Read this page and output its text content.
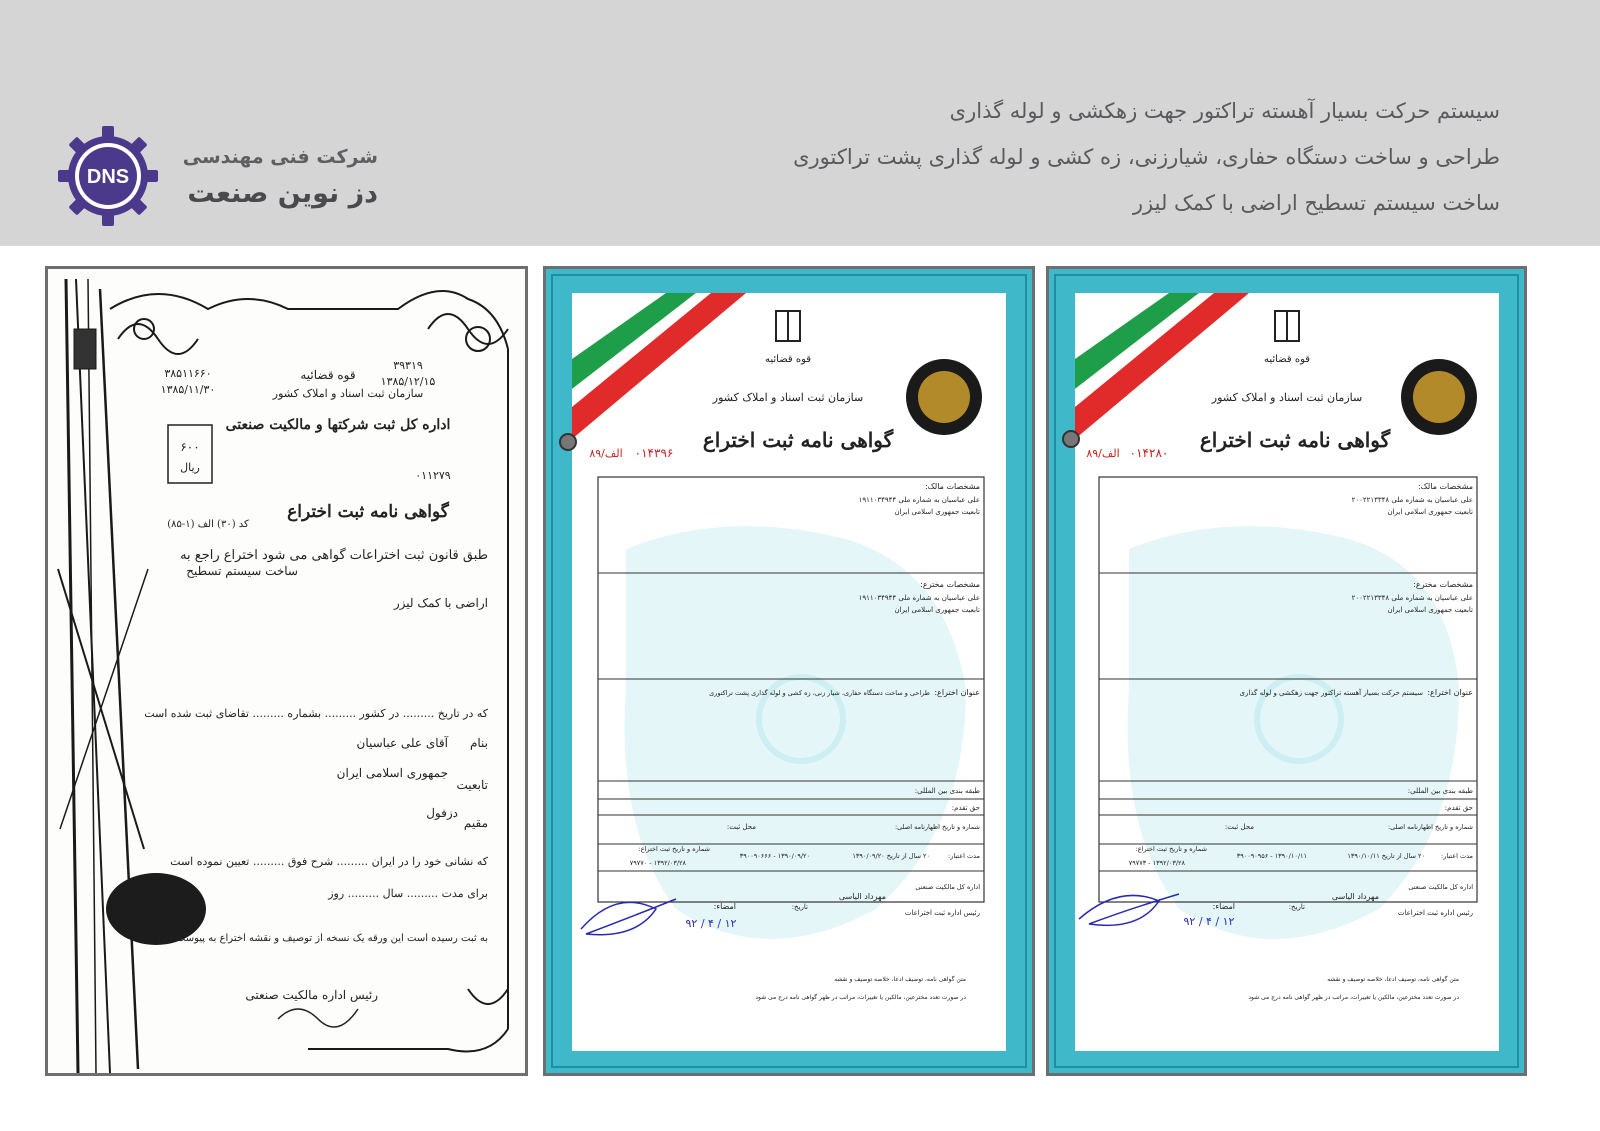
سیستم حرکت بسیار آهسته تراکتور جهت زهکشی و لوله گذاری
طراحی و ساخت دستگاه حفاری، شیارزنی، زه کشی و لوله گذاری پشت تراکتوری
ساخت سیستم تسطیح اراضی با کمک لیزر
DNS
شرکت فنی مهندسی
دز نوین صنعت
قوه قضائیه
سازمان ثبت اسناد و املاک کشور
۳۹۳۱۹
۱۳۸۵/۱۲/۱۵
۳۸۵۱۱۶۶۰
۱۳۸۵/۱۱/۳۰
اداره کل ثبت شرکتها و مالکیت صنعتی
۶۰۰
ریال
۰۱۱۲۷۹
گواهی نامه ثبت اختراع
کد (۳۰) الف (۱-۸۵)
طبق قانون ثبت اختراعات گواهی می شود اختراع راجع به
ساخت سیستم تسطیح
اراضی با کمک لیزر
که در تاریخ ......... در کشور ......... بشماره ......... تقاضای ثبت شده است
بنام
آقای علی عباسیان
تابعیت
جمهوری اسلامی ایران
مقیم
دزفول
که نشانی خود را در ایران ......... شرح فوق ......... تعیین نموده است
برای مدت ......... سال ......... روز
به ثبت رسیده است این ورقه یک نسخه از توصیف و نقشه اختراع به پیوست دارد
رئیس اداره مالکیت صنعتی
قوه قضائیه
سازمان ثبت اسناد و املاک کشور
گواهی نامه ثبت اختراع
۰۱۴۳۹۶
الف/۸۹
مشخصات مالک:
علی عباسیان به شماره ملی ۱۹۱۱۰۳۴۹۴۴
تابعیت جمهوری اسلامی ایران
مشخصات مخترع:
علی عباسیان به شماره ملی ۱۹۱۱۰۳۴۹۴۴
تابعیت جمهوری اسلامی ایران
عنوان اختراع:
طراحی و ساخت دستگاه حفاری، شیار زنی، زه کشی و لوله گذاری پشت تراکتوری
طبقه بندی بین المللی:
حق تقدم:
محل ثبت:	شماره و تاریخ اظهارنامه اصلی:
مدت اعتبار:
۲۰ سال از تاریخ ۱۳۹۰/۰۹/۲۰
۱۳۹۰/۰۹/۲۰ - ۳۹۰۰۹۰۶۶۶
شماره و تاریخ ثبت اختراع:
۱۳۹۲/۰۳/۲۸ - ۷۹۷۷۰
اداره کل مالکیت صنعتی
رئیس اداره ثبت اختراعات
مهرداد الیاسی
تاریخ:
امضاء:
۹۲ / ۴ / ۱۲
متن گواهی نامه، توصیف ادعا، خلاصه توصیف و نقشه
در صورت تعدد مخترعین، مالکین یا تغییرات، مراتب در ظهر گواهی نامه درج می شود
قوه قضائیه
سازمان ثبت اسناد و املاک کشور
گواهی نامه ثبت اختراع
۰۱۴۲۸۰
الف/۸۹
مشخصات مالک:
علی عباسیان به شماره ملی ۲۰۰۲۲۱۳۳۴۸
تابعیت جمهوری اسلامی ایران
مشخصات مخترع:
علی عباسیان به شماره ملی ۲۰۰۲۲۱۳۳۴۸
تابعیت جمهوری اسلامی ایران
عنوان اختراع:
سیستم حرکت بسیار آهسته تراکتور جهت زهکشی و لوله گذاری
طبقه بندی بین المللی:
حق تقدم:
محل ثبت:	شماره و تاریخ اظهارنامه اصلی:
مدت اعتبار:
۲۰ سال از تاریخ ۱۳۹۰/۱۰/۱۱
۱۳۹۰/۱۰/۱۱ - ۳۹۰۰۹۰۹۵۶
شماره و تاریخ ثبت اختراع:
۱۳۹۲/۰۳/۲۸ - ۷۹۷۷۳
اداره کل مالکیت صنعتی
رئیس اداره ثبت اختراعات
مهرداد الیاسی
تاریخ:
امضاء:
۹۲ / ۴ / ۱۲
متن گواهی نامه، توصیف ادعا، خلاصه توصیف و نقشه
در صورت تعدد مخترعین، مالکین یا تغییرات، مراتب در ظهر گواهی نامه درج می شود
